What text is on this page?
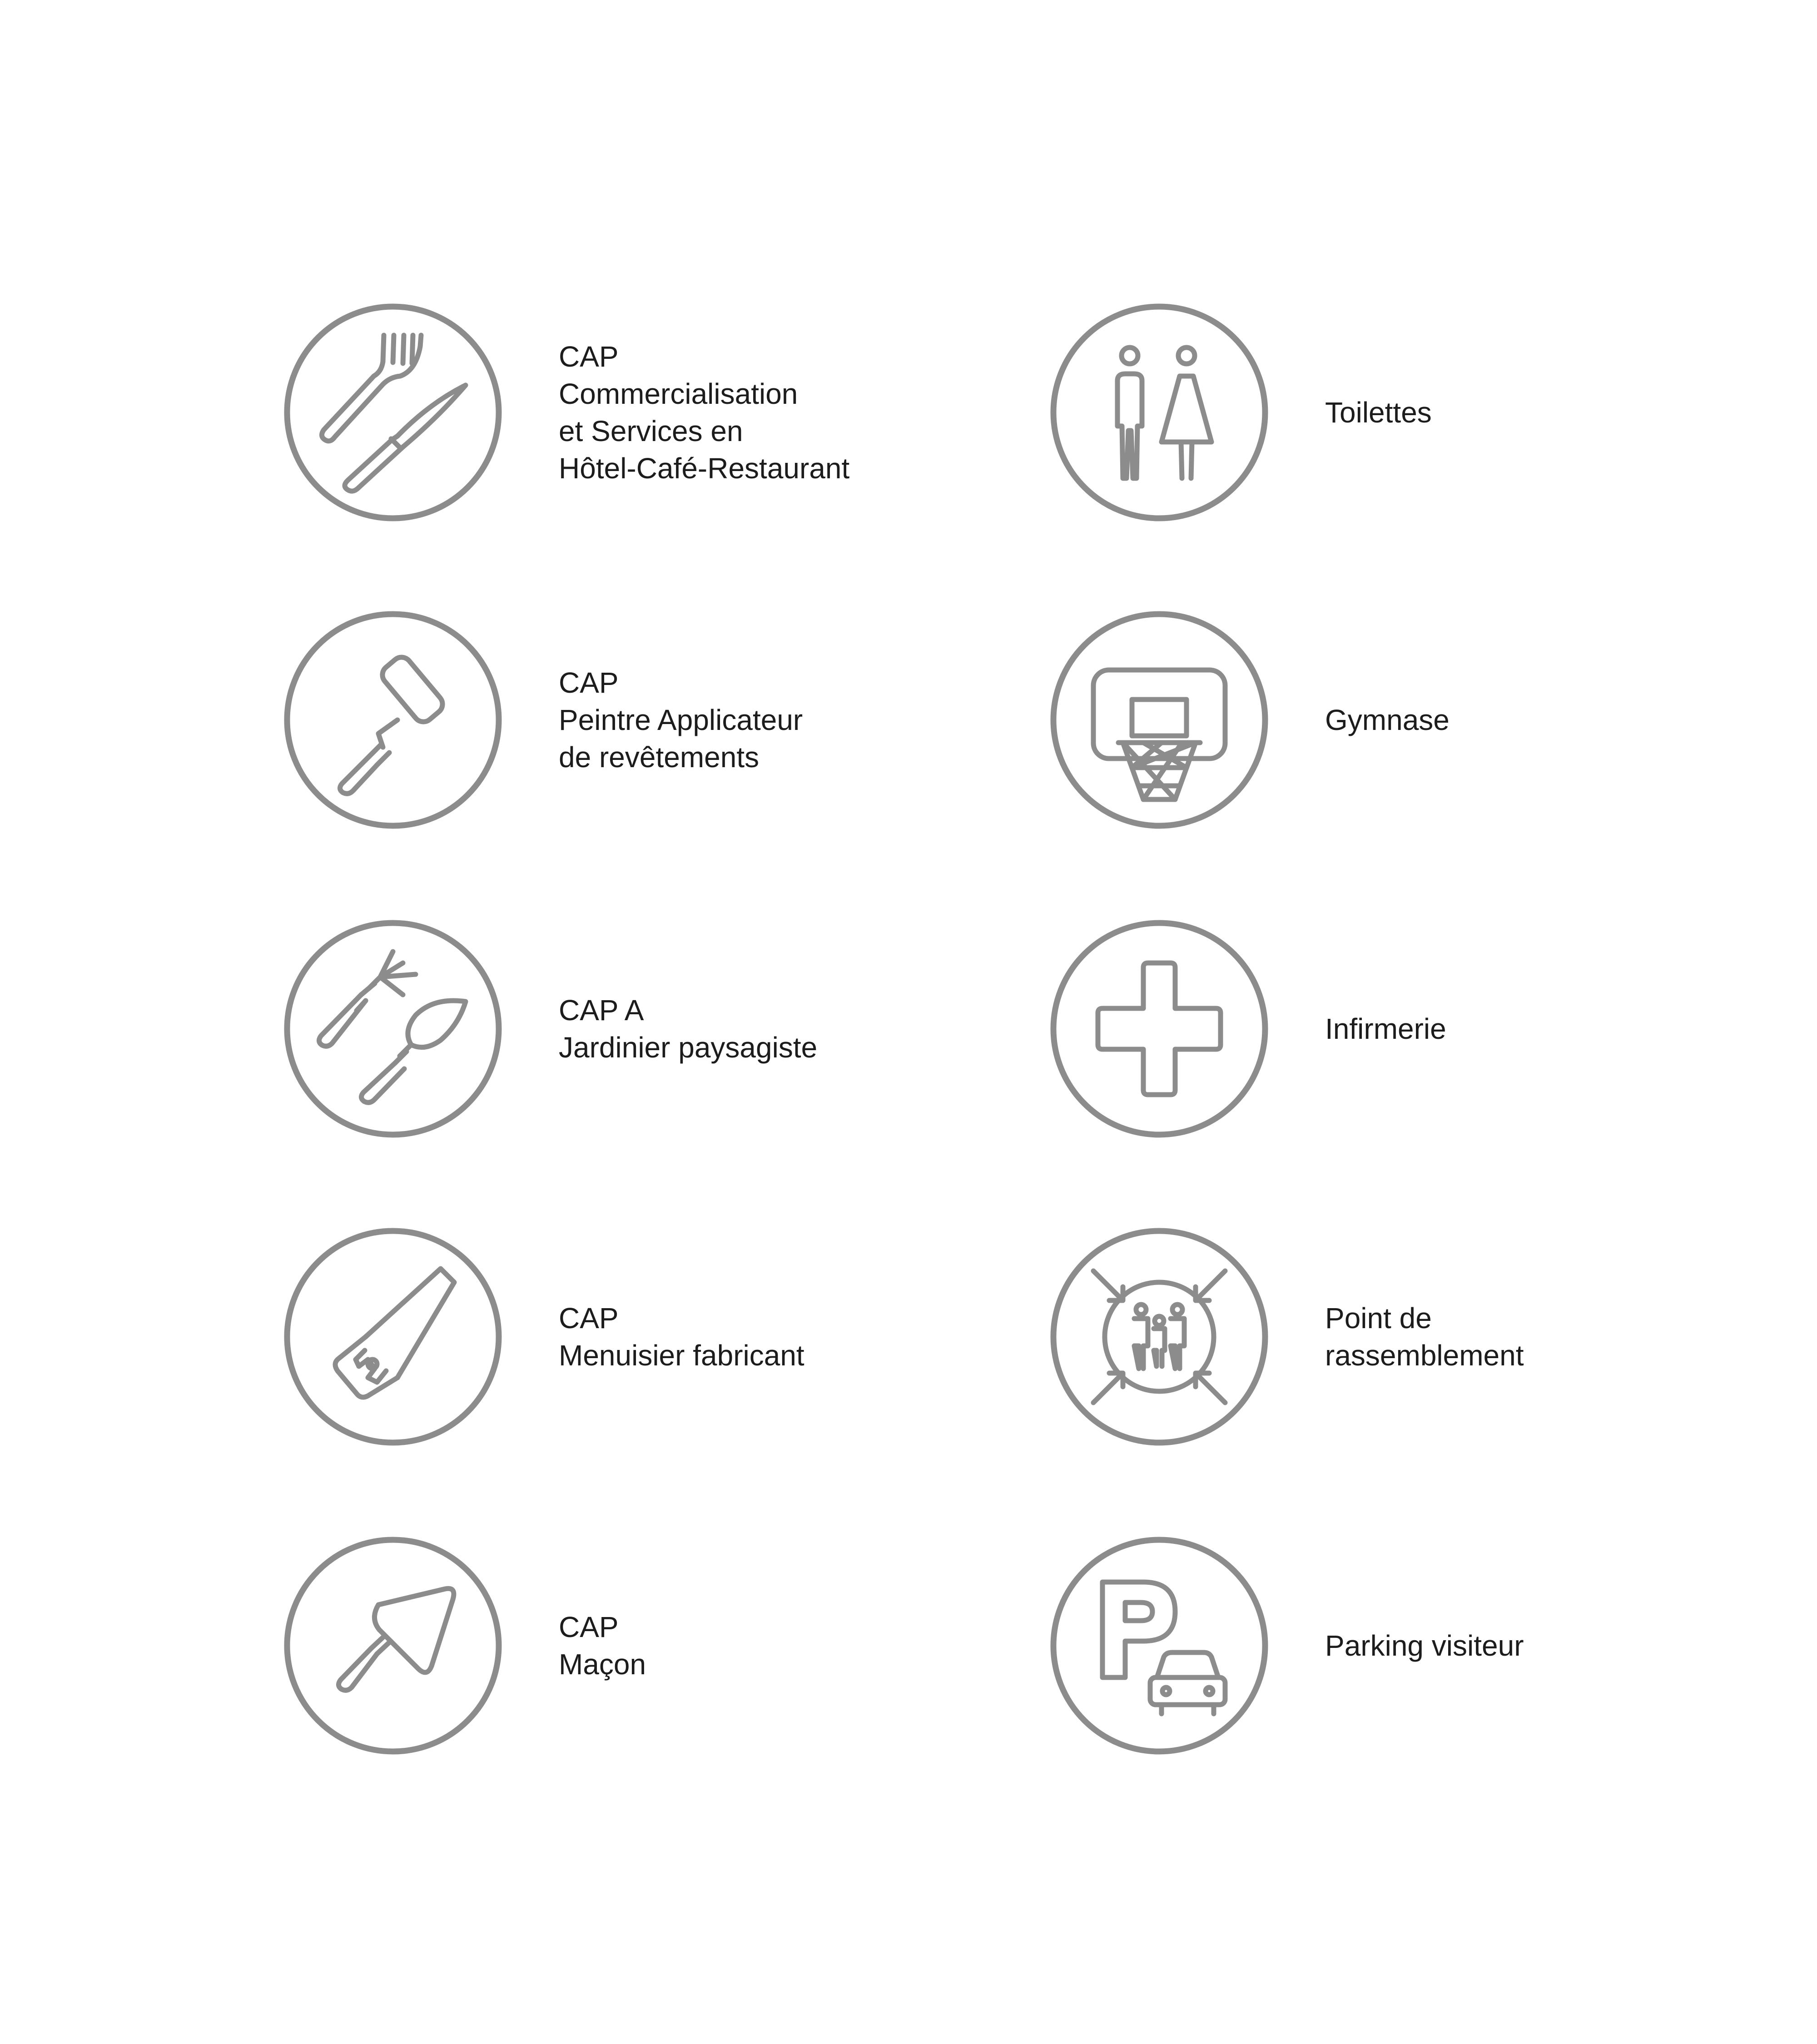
CAP
Commercialisation
et Services en
Hôtel-Café-Restaurant
Toilettes
CAP
Peintre Applicateur
de revêtements
Gymnase
CAP A
Jardinier paysagiste
Infirmerie
CAP
Menuisier fabricant
Point de
rassemblement
CAP
Maçon
Parking visiteur
